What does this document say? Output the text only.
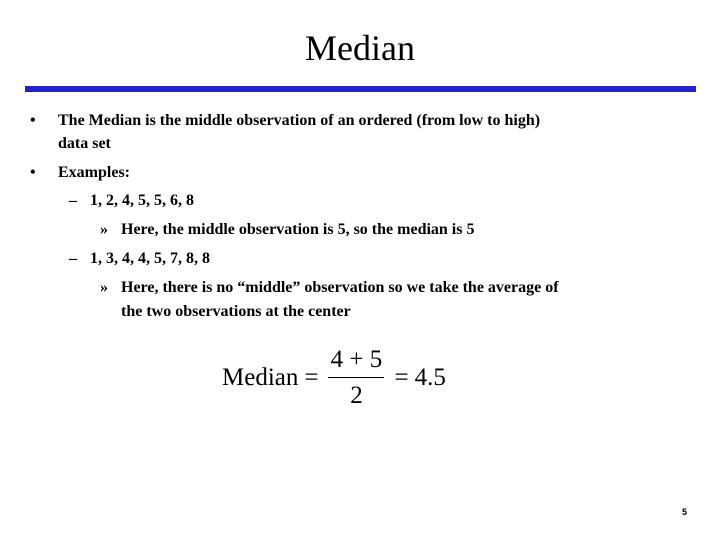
Median
• The Median is the middle observation of an ordered (from low to high)
data set
• Examples:
– 1, 2, 4, 5, 5, 6, 8
» Here, the middle observation is 5, so the median is 5
– 1, 3, 4, 4, 5, 7, 8, 8
» Here, there is no “middle” observation so we take the average of
the two observations at the center
Median = $\frac{4 + 5}{2} = 4.5$
5
